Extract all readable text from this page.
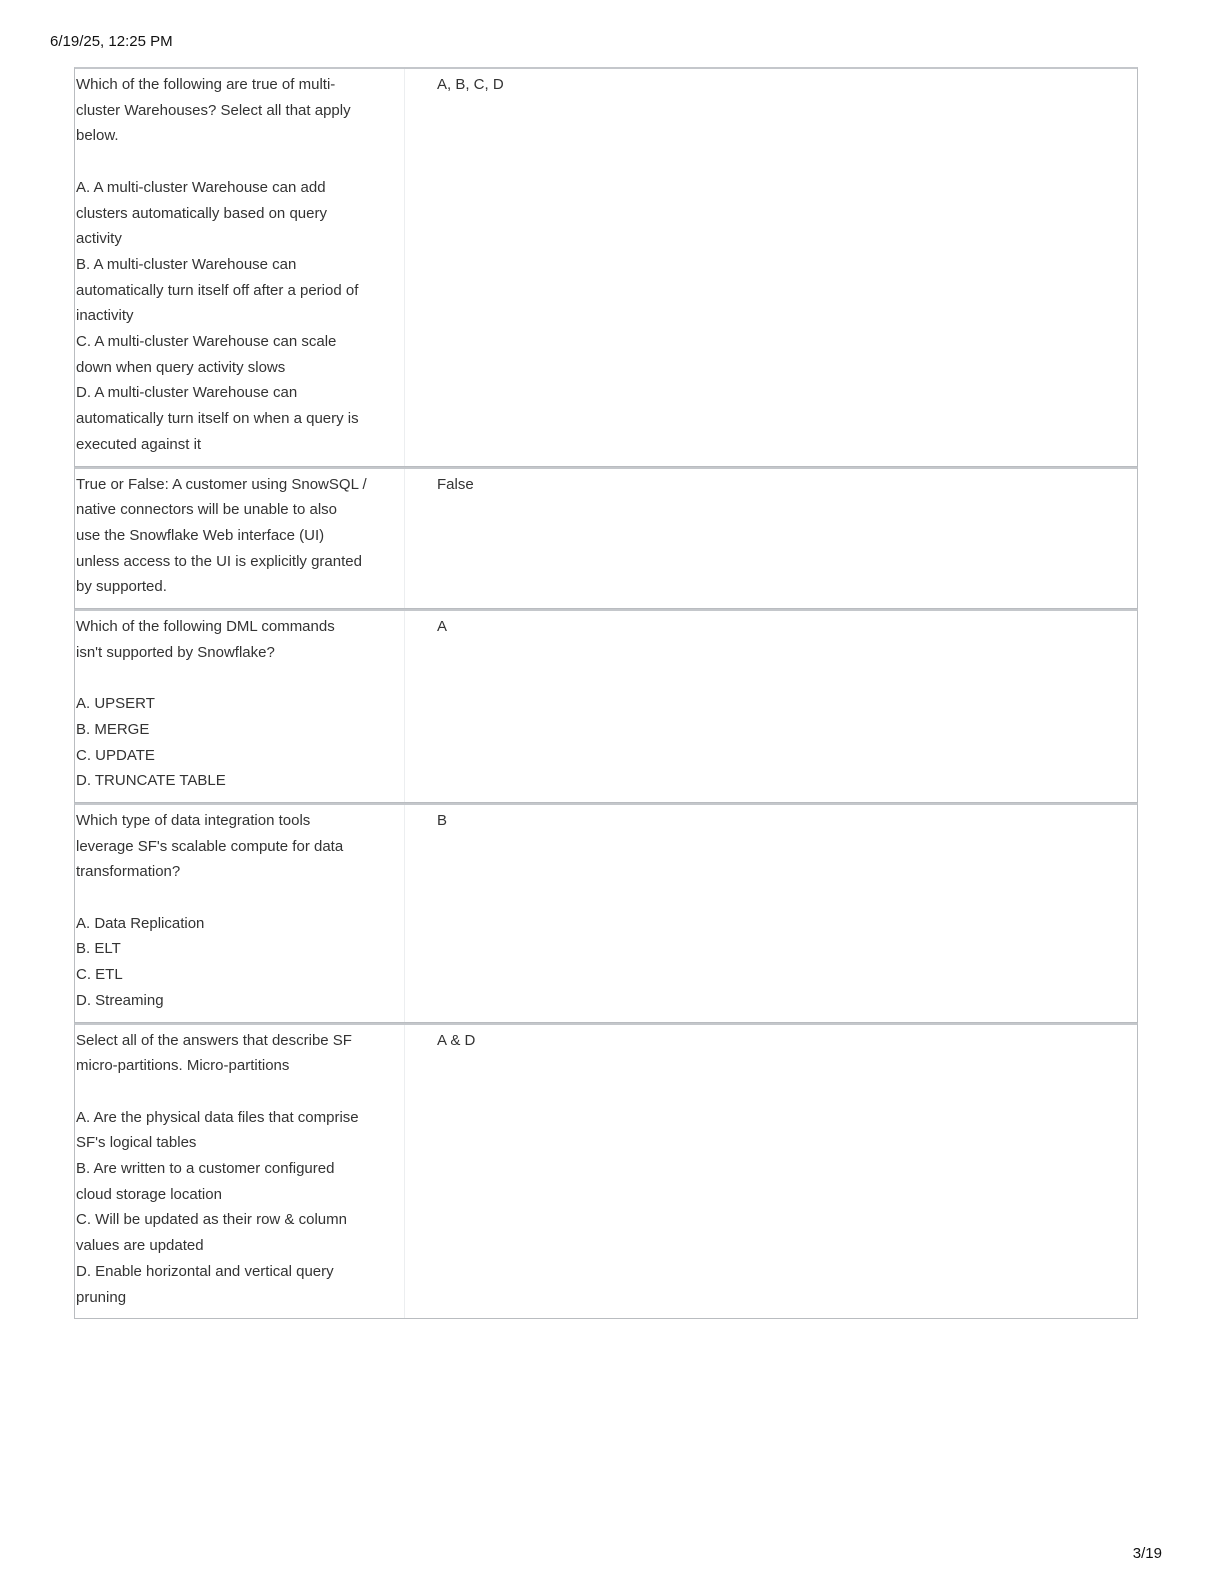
6/19/25, 12:25 PM
Which of the following are true of multi-
cluster Warehouses? Select all that apply
below.
A. A multi-cluster Warehouse can add
clusters automatically based on query
activity
B. A multi-cluster Warehouse can
automatically turn itself off after a period of
inactivity
C. A multi-cluster Warehouse can scale
down when query activity slows
D. A multi-cluster Warehouse can
automatically turn itself on when a query is
executed against it
A, B, C, D
True or False: A customer using SnowSQL /
native connectors will be unable to also
use the Snowflake Web interface (UI)
unless access to the UI is explicitly granted
by supported.
False
Which of the following DML commands
isn't supported by Snowflake?
A. UPSERT
B. MERGE
C. UPDATE
D. TRUNCATE TABLE
A
Which type of data integration tools
leverage SF's scalable compute for data
transformation?
A. Data Replication
B. ELT
C. ETL
D. Streaming
B
Select all of the answers that describe SF
micro-partitions. Micro-partitions
A. Are the physical data files that comprise
SF's logical tables
B. Are written to a customer configured
cloud storage location
C. Will be updated as their row & column
values are updated
D. Enable horizontal and vertical query
pruning
A & D
3/19
